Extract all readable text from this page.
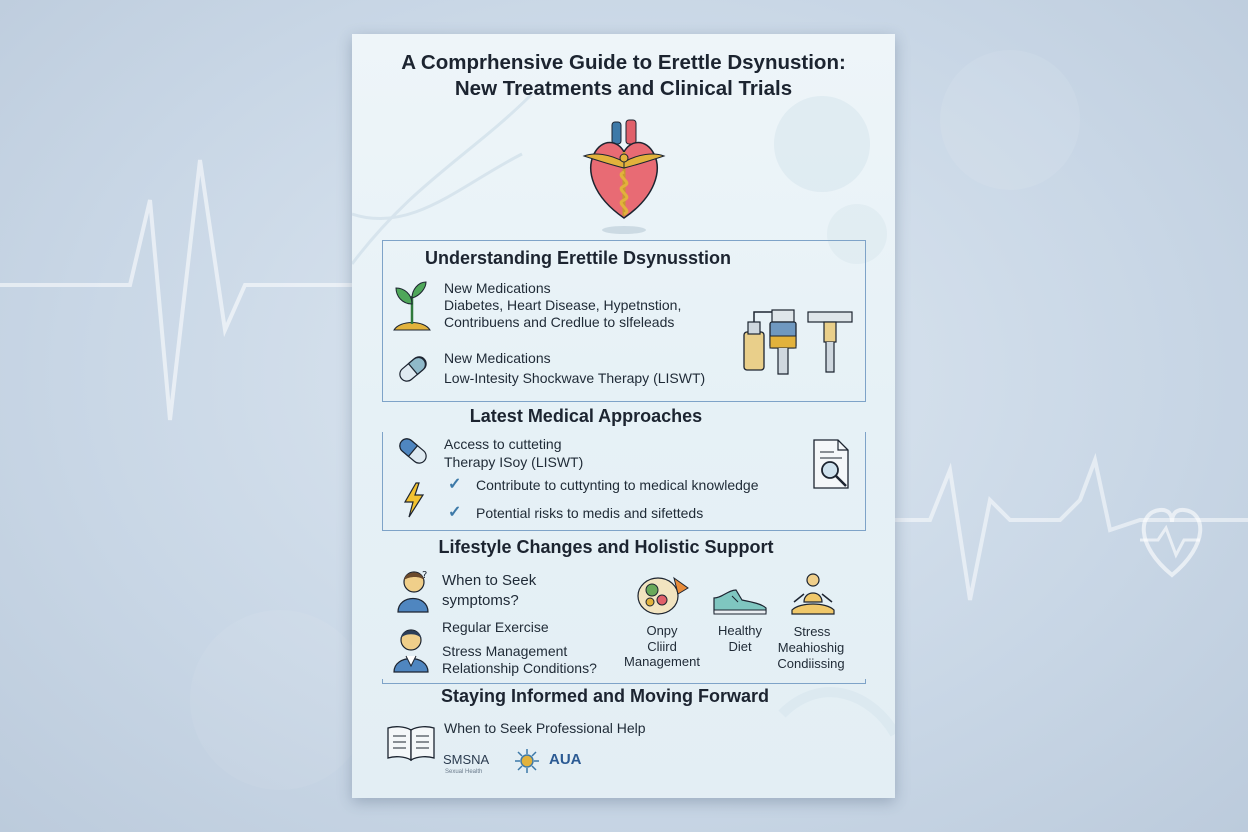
A Comprhensive Guide to Erettle Dsynustion:
New Treatments and Clinical Trials
Understanding Erettile Dsynusstion
New Medications
Diabetes, Heart Disease, Hypetnstion,
Contribuens and Credlue to slfeleads
New Medications
Low-Intesity Shockwave Therapy (LISWT)
Latest Medical Approaches
Access to cutteting
Therapy ISoy (LISWT)
✓ Contribute to cuttynting to medical knowledge
✓ Potential risks to medis and sifetteds
Lifestyle Changes and Holistic Support
? When to Seek
symptoms?
Regular Exercise
Stress Management
Relationship Conditions?
Onpy
Cliird
Management
Healthy
Diet
Stress
Meahioshig
Condiissing
Staying Informed and Moving Forward
When to Seek Professional Help
SMSNA
Sexual Health
AUA
